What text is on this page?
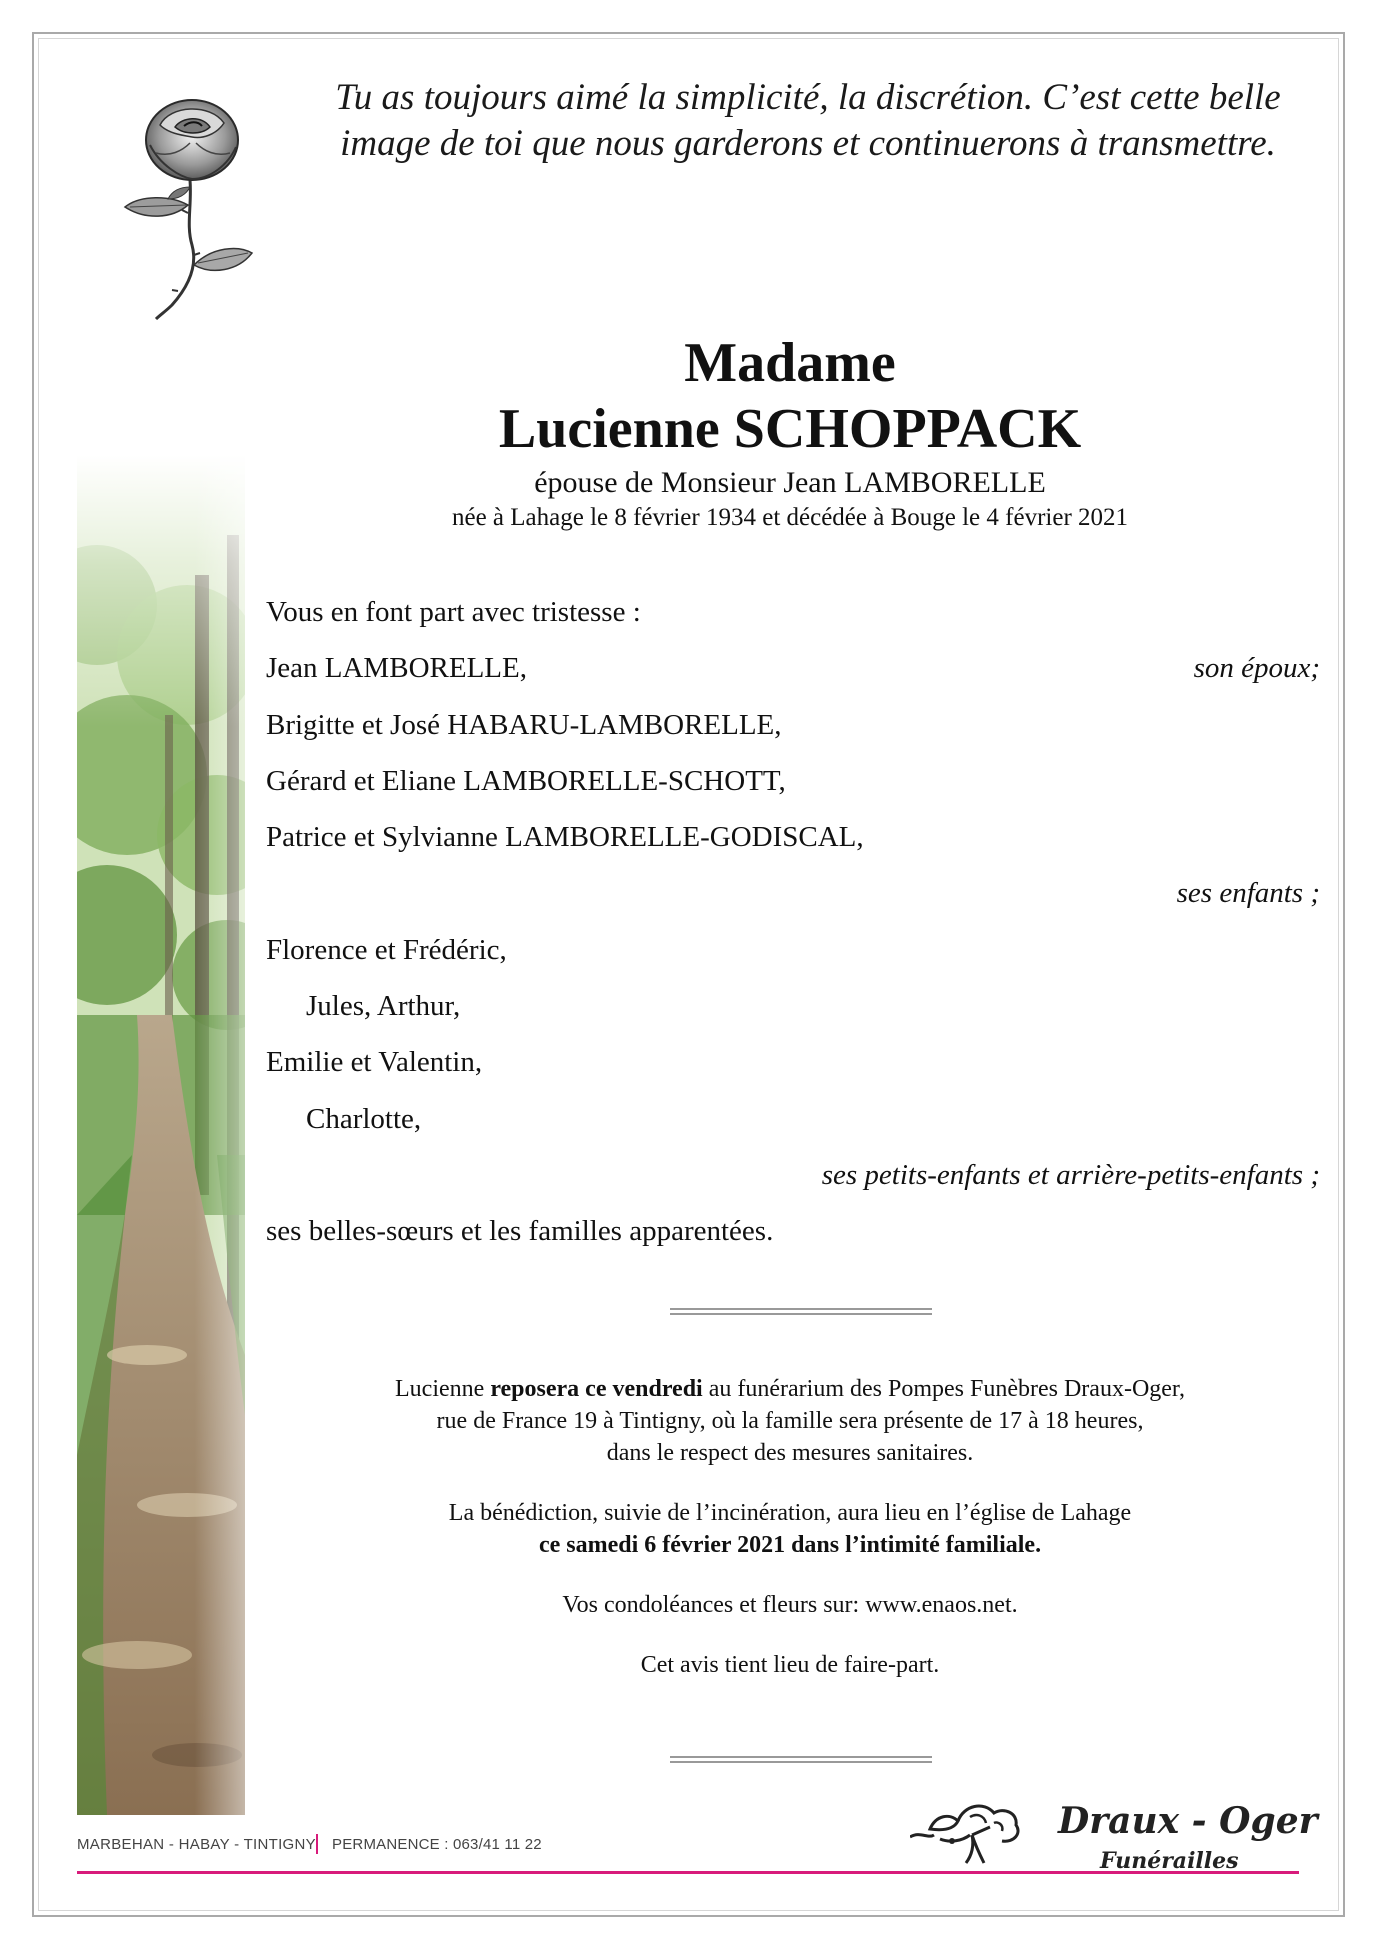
Tu as toujours aimé la simplicité, la discrétion. C’est cette belle
image de toi que nous garderons et continuerons à transmettre.
Madame
Lucienne SCHOPPACK
épouse de Monsieur Jean LAMBORELLE
née à Lahage le 8 février 1934 et décédée à Bouge le 4 février 2021
Vous en font part avec tristesse :
Jean LAMBORELLE,	son époux;
Brigitte et José HABARU-LAMBORELLE,
Gérard et Eliane LAMBORELLE-SCHOTT,
Patrice et Sylvianne LAMBORELLE-GODISCAL,
ses enfants ;
Florence et Frédéric,
Jules, Arthur,
Emilie et Valentin,
Charlotte,
ses petits-enfants et arrière-petits-enfants ;
ses belles-sœurs et les familles apparentées.
Lucienne reposera ce vendredi au funérarium des Pompes Funèbres Draux-Oger,
rue de France 19 à Tintigny, où la famille sera présente de 17 à 18 heures,
dans le respect des mesures sanitaires.
La bénédiction, suivie de l’incinération, aura lieu en l’église de Lahage
ce samedi 6 février 2021 dans l’intimité familiale.
Vos condoléances et fleurs sur: www.enaos.net.
Cet avis tient lieu de faire-part.
MARBEHAN - HABAY - TINTIGNY PERMANENCE : 063/41 11 22
Draux - Oger
Funérailles
